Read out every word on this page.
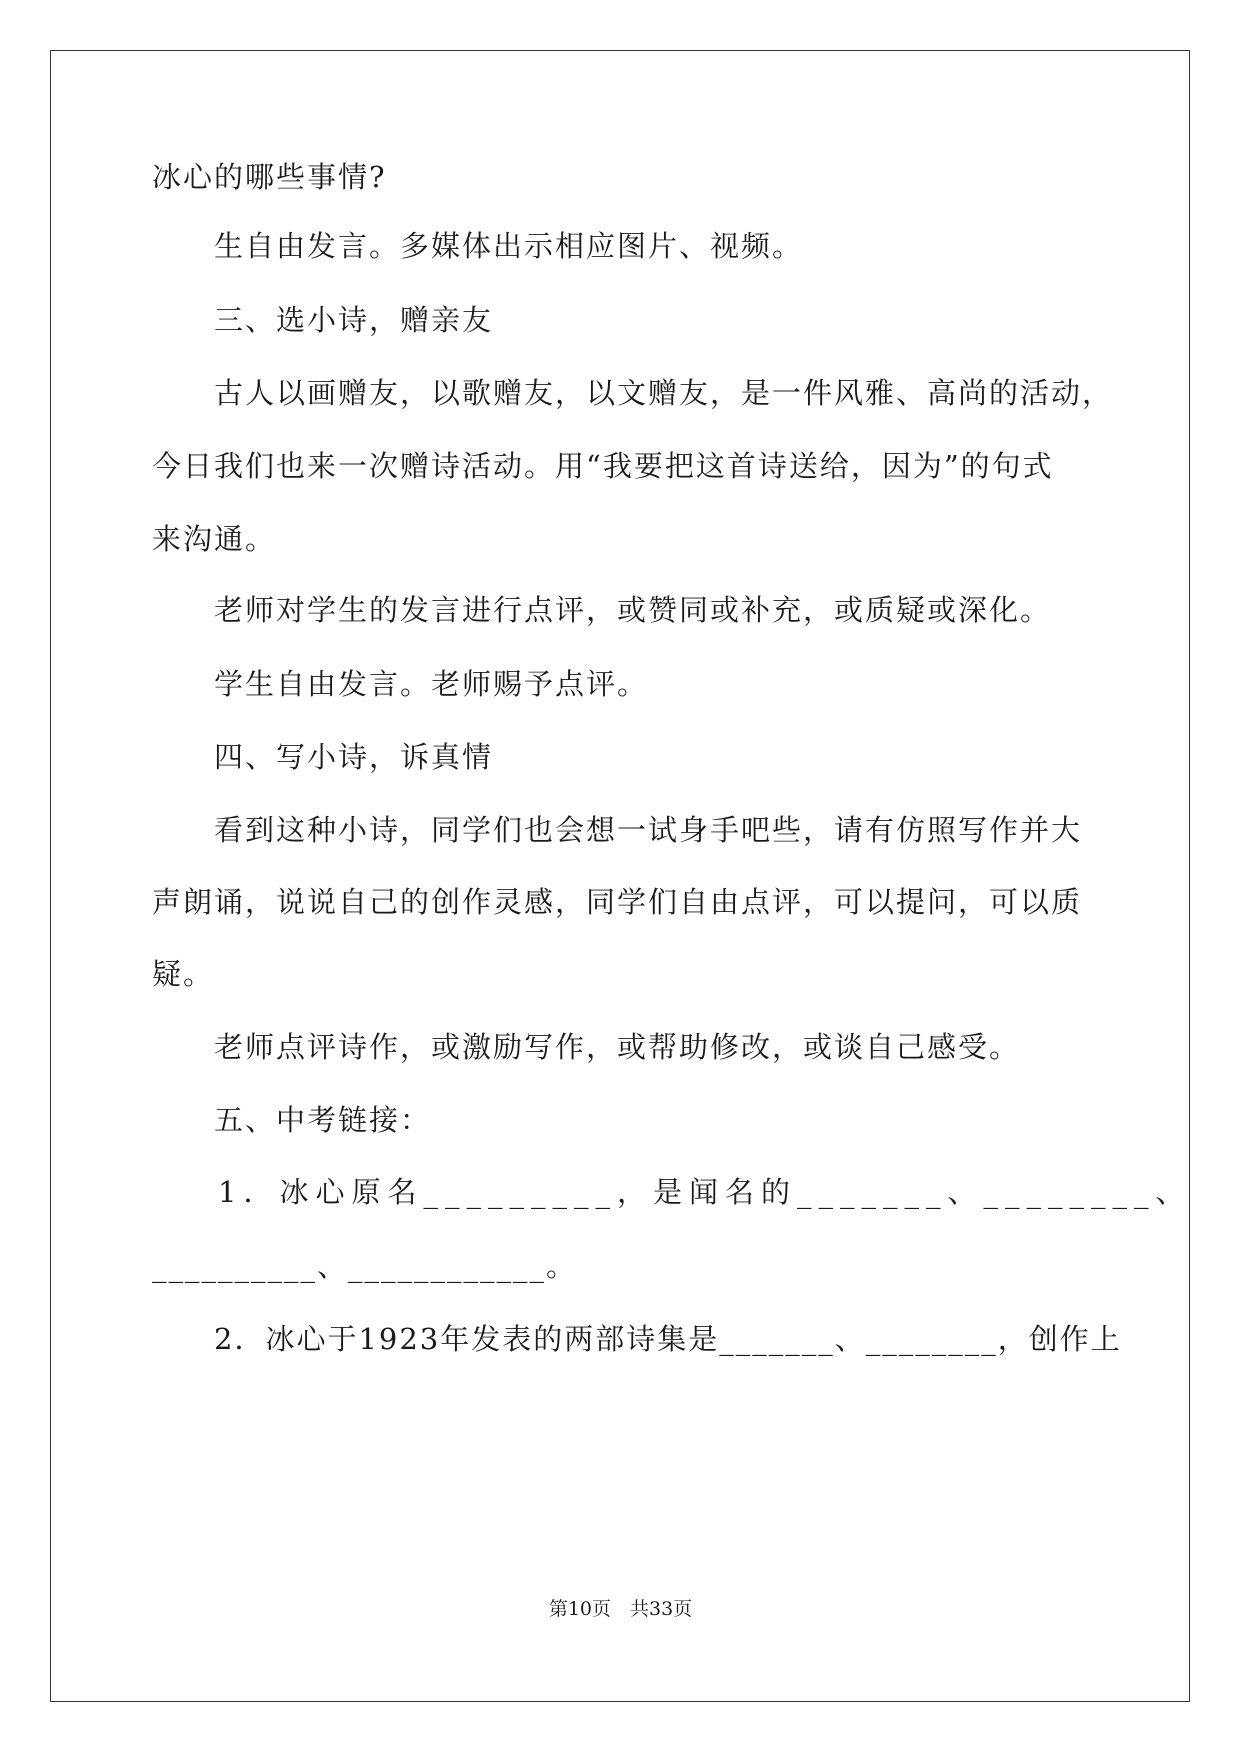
冰心的哪些事情?
生自由发言。多媒体出示相应图片、视频。
三、选小诗，赠亲友
古人以画赠友，以歌赠友，以文赠友，是一件风雅、高尚的活动，
今日我们也来一次赠诗活动。用“我要把这首诗送给，因为”的句式
来沟通。
老师对学生的发言进行点评，或赞同或补充，或质疑或深化。
学生自由发言。老师赐予点评。
四、写小诗，诉真情
看到这种小诗，同学们也会想一试身手吧些，请有仿照写作并大
声朗诵，说说自己的创作灵感，同学们自由点评，可以提问，可以质
疑。
老师点评诗作，或激励写作，或帮助修改，或谈自己感受。
五、中考链接：
1．冰心原名_________，是闻名的_______、________、
__________、____________。
2．冰心于1923年发表的两部诗集是_______、________，创作上
第10页　共33页
